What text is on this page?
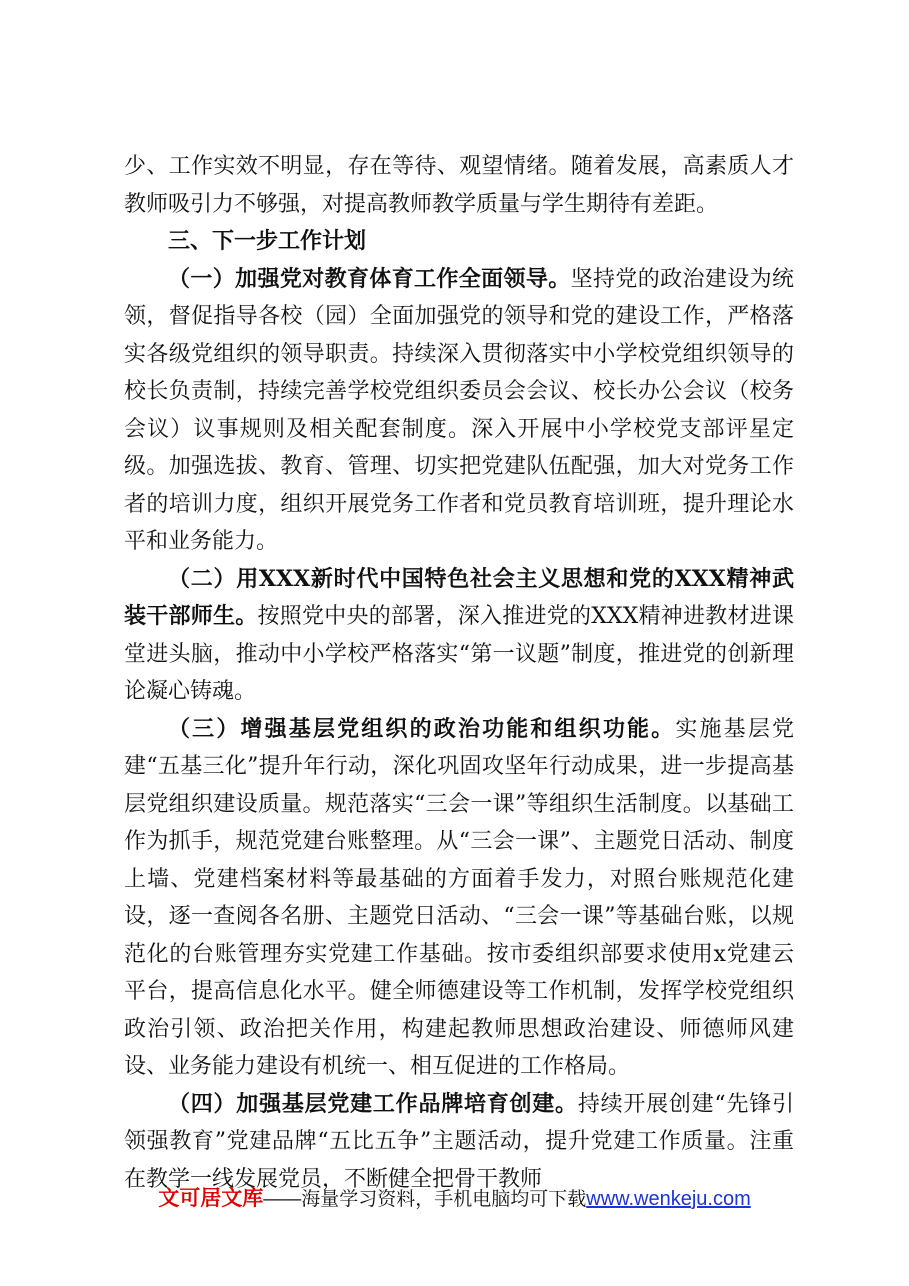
少、工作实效不明显，存在等待、观望情绪。随着发展，高素质人才教师吸引力不够强，对提高教师教学质量与学生期待有差距。

三、下一步工作计划

（一）加强党对教育体育工作全面领导。坚持党的政治建设为统领，督促指导各校（园）全面加强党的领导和党的建设工作，严格落实各级党组织的领导职责。持续深入贯彻落实中小学校党组织领导的校长负责制，持续完善学校党组织委员会会议、校长办公会议（校务会议）议事规则及相关配套制度。深入开展中小学校党支部评星定级。加强选拔、教育、管理、切实把党建队伍配强，加大对党务工作者的培训力度，组织开展党务工作者和党员教育培训班，提升理论水平和业务能力。

（二）用XXX新时代中国特色社会主义思想和党的XXX精神武装干部师生。按照党中央的部署，深入推进党的XXX精神进教材进课堂进头脑，推动中小学校严格落实“第一议题”制度，推进党的创新理论凝心铸魂。

（三）增强基层党组织的政治功能和组织功能。实施基层党建“五基三化”提升年行动，深化巩固攻坚年行动成果，进一步提高基层党组织建设质量。规范落实“三会一课”等组织生活制度。以基础工作为抓手，规范党建台账整理。从“三会一课”、主题党日活动、制度上墙、党建档案材料等最基础的方面着手发力，对照台账规范化建设，逐一查阅各名册、主题党日活动、“三会一课”等基础台账，以规范化的台账管理夯实党建工作基础。按市委组织部要求使用x党建云平台，提高信息化水平。健全师德建设等工作机制，发挥学校党组织政治引领、政治把关作用，构建起教师思想政治建设、师德师风建设、业务能力建设有机统一、相互促进的工作格局。

（四）加强基层党建工作品牌培育创建。持续开展创建“先锋引领强教育”党建品牌“五比五争”主题活动，提升党建工作质量。注重在教学一线发展党员，不断健全把骨干教师

文可居文库——海量学习资料，手机电脑均可下载www.wenkeju.com
